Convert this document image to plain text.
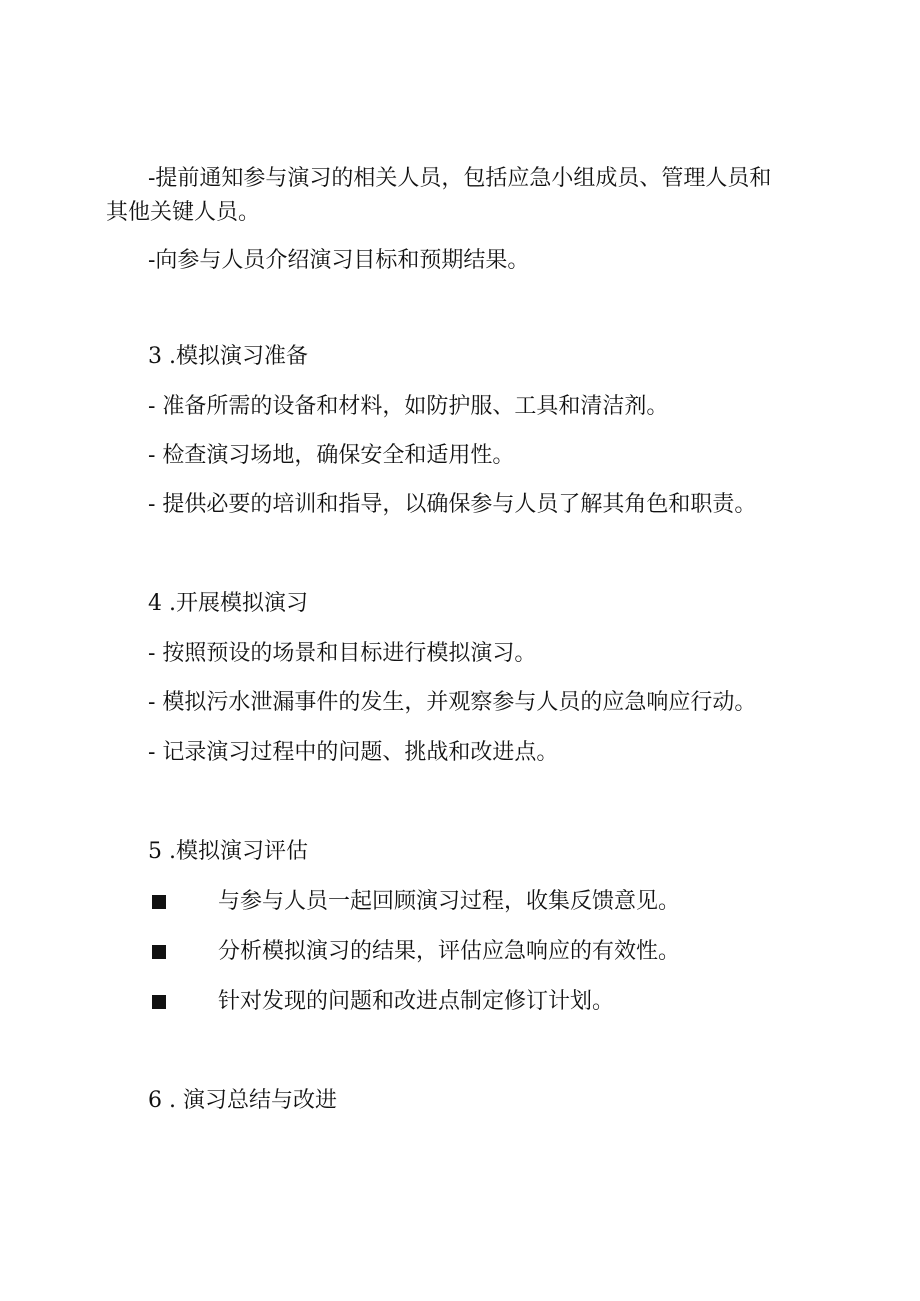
-提前通知参与演习的相关人员，包括应急小组成员、管理人员和
其他关键人员。
-向参与人员介绍演习目标和预期结果。
3 .模拟演习准备
- 准备所需的设备和材料，如防护服、工具和清洁剂。
- 检查演习场地，确保安全和适用性。
- 提供必要的培训和指导，以确保参与人员了解其角色和职责。
4 .开展模拟演习
- 按照预设的场景和目标进行模拟演习。
- 模拟污水泄漏事件的发生，并观察参与人员的应急响应行动。
- 记录演习过程中的问题、挑战和改进点。
5 .模拟演习评估
与参与人员一起回顾演习过程，收集反馈意见。
分析模拟演习的结果，评估应急响应的有效性。
针对发现的问题和改进点制定修订计划。
6 . 演习总结与改进
